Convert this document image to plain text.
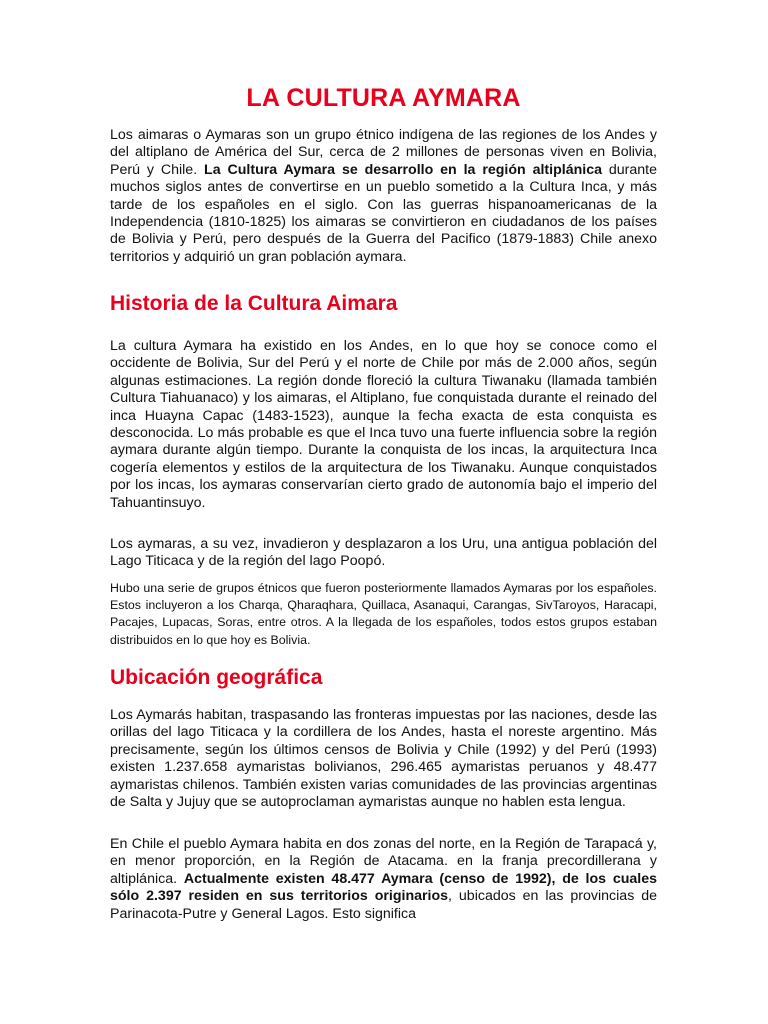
LA CULTURA AYMARA

Los aimaras o Aymaras son un grupo étnico indígena de las regiones de los Andes y del altiplano de América del Sur, cerca de 2 millones de personas viven en Bolivia, Perú y Chile. La Cultura Aymara se desarrollo en la región altiplánica durante muchos siglos antes de convertirse en un pueblo sometido a la Cultura Inca, y más tarde de los españoles en el siglo. Con las guerras hispanoamericanas de la Independencia (1810-1825) los aimaras se convirtieron en ciudadanos de los países de Bolivia y Perú, pero después de la Guerra del Pacifico (1879-1883) Chile anexo territorios y adquirió un gran población aymara.

Historia de la Cultura Aimara

La cultura Aymara ha existido en los Andes, en lo que hoy se conoce como el occidente de Bolivia, Sur del Perú y el norte de Chile por más de 2.000 años, según algunas estimaciones. La región donde floreció la cultura Tiwanaku (llamada también Cultura Tiahuanaco) y los aimaras, el Altiplano, fue conquistada durante el reinado del inca Huayna Capac (1483-1523), aunque la fecha exacta de esta conquista es desconocida. Lo más probable es que el Inca tuvo una fuerte influencia sobre la región aymara durante algún tiempo. Durante la conquista de los incas, la arquitectura Inca cogería elementos y estilos de la arquitectura de los Tiwanaku. Aunque conquistados por los incas, los aymaras conservarían cierto grado de autonomía bajo el imperio del Tahuantinsuyo.

Los aymaras, a su vez, invadieron y desplazaron a los Uru, una antigua población del Lago Titicaca y de la región del lago Poopó.

Hubo una serie de grupos étnicos que fueron posteriormente llamados Aymaras por los españoles. Estos incluyeron a los Charqa, Qharaqhara, Quillaca, Asanaqui, Carangas, SivTaroyos, Haracapi, Pacajes, Lupacas, Soras, entre otros. A la llegada de los españoles, todos estos grupos estaban distribuidos en lo que hoy es Bolivia.

Ubicación geográfica

Los Aymarás habitan, traspasando las fronteras impuestas por las naciones, desde las orillas del lago Titicaca y la cordillera de los Andes, hasta el noreste argentino. Más precisamente, según los últimos censos de Bolivia y Chile (1992) y del Perú (1993) existen 1.237.658 aymaristas bolivianos, 296.465 aymaristas peruanos y 48.477 aymaristas chilenos. También existen varias comunidades de las provincias argentinas de Salta y Jujuy que se autoproclaman aymaristas aunque no hablen esta lengua.

En Chile el pueblo Aymara habita en dos zonas del norte, en la Región de Tarapacá y, en menor proporción, en la Región de Atacama. en la franja precordillerana y altiplánica. Actualmente existen 48.477 Aymara (censo de 1992), de los cuales sólo 2.397 residen en sus territorios originarios, ubicados en las provincias de Parinacota-Putre y General Lagos. Esto significa
